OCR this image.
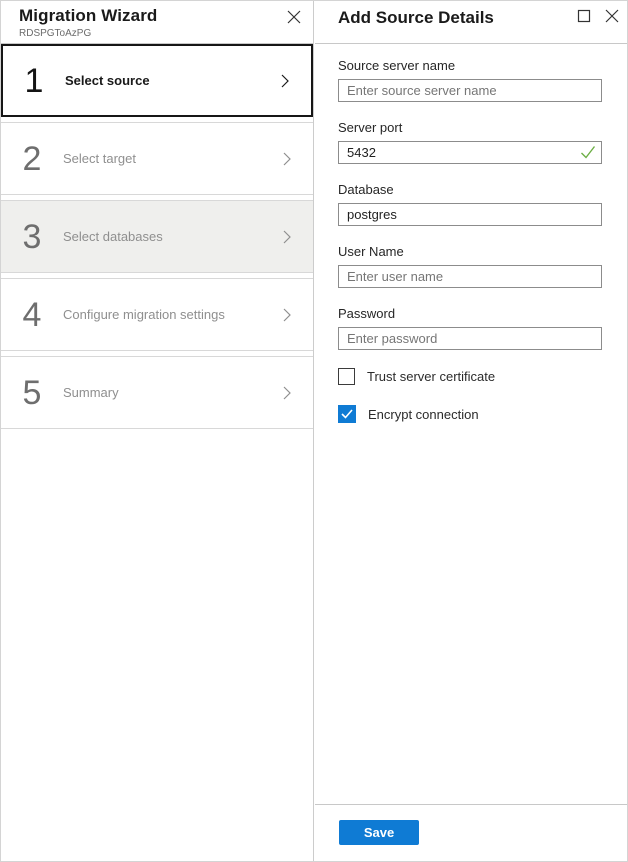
Migration Wizard
RDSPGToAzPG
1	Select source
2	Select target
3	Select databases
4	Configure migration settings
5	Summary
Add Source Details
Source server name
Enter source server name
Server port
5432
Database
postgres
User Name
Enter user name
Password
Enter password
Trust server certificate
Encrypt connection
Save
